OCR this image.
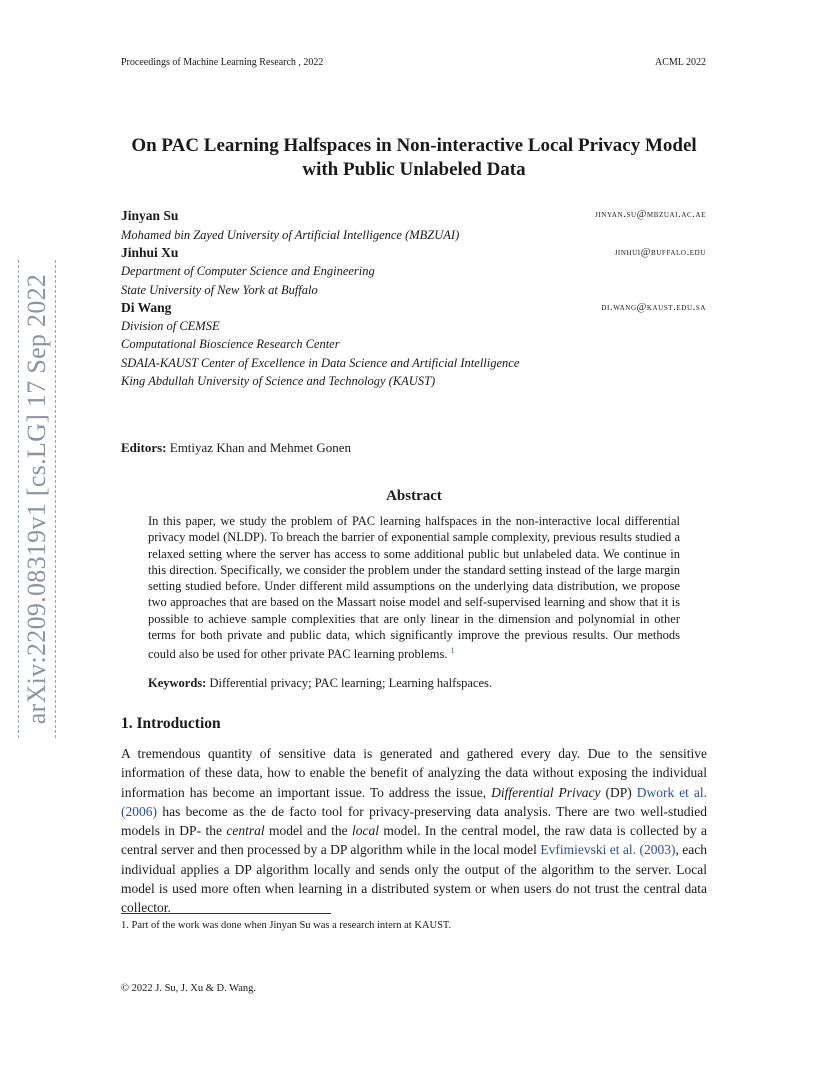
Proceedings of Machine Learning Research , 2022	ACML 2022
arXiv:2209.08319v1 [cs.LG] 17 Sep 2022
On PAC Learning Halfspaces in Non-interactive Local Privacy Model
with Public Unlabeled Data
Jinyan Su	jinyan.su@mbzuai.ac.ae
Mohamed bin Zayed University of Artificial Intelligence (MBZUAI)
Jinhui Xu	jinhui@buffalo.edu
Department of Computer Science and Engineering
State University of New York at Buffalo
Di Wang	di.wang@kaust.edu.sa
Division of CEMSE
Computational Bioscience Research Center
SDAIA-KAUST Center of Excellence in Data Science and Artificial Intelligence
King Abdullah University of Science and Technology (KAUST)
Editors: Emtiyaz Khan and Mehmet Gonen
Abstract

In this paper, we study the problem of PAC learning halfspaces in the non-interactive local differential privacy model (NLDP). To breach the barrier of exponential sample complexity, previous results studied a relaxed setting where the server has access to some additional public but unlabeled data. We continue in this direction. Specifically, we consider the problem under the standard setting instead of the large margin setting studied before. Under different mild assumptions on the underlying data distribution, we propose two approaches that are based on the Massart noise model and self-supervised learning and show that it is possible to achieve sample complexities that are only linear in the dimension and polynomial in other terms for both private and public data, which significantly improve the previous results. Our methods could also be used for other private PAC learning problems. $^1$

Keywords: Differential privacy; PAC learning; Learning halfspaces.
1. Introduction

A tremendous quantity of sensitive data is generated and gathered every day. Due to the sensitive information of these data, how to enable the benefit of analyzing the data without exposing the individual information has become an important issue. To address the issue, Differential Privacy (DP) Dwork et al. (2006) has become as the de facto tool for privacy-preserving data analysis. There are two well-studied models in DP- the central model and the local model. In the central model, the raw data is collected by a central server and then processed by a DP algorithm while in the local model Evfimievski et al. (2003), each individual applies a DP algorithm locally and sends only the output of the algorithm to the server. Local model is used more often when learning in a distributed system or when users do not trust the central data collector.

1. Part of the work was done when Jinyan Su was a research intern at KAUST.
© 2022 J. Su, J. Xu & D. Wang.
